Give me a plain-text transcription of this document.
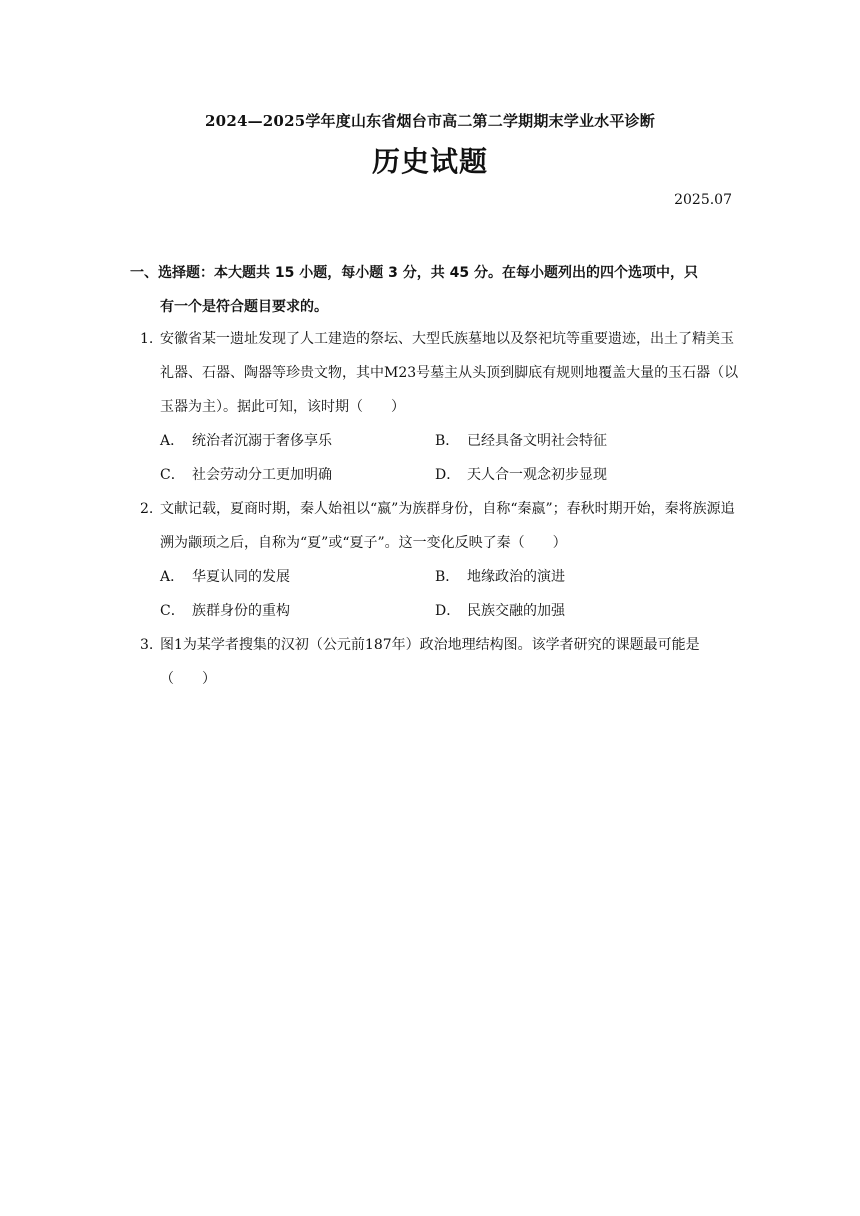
2024—2025学年度山东省烟台市高二第二学期期末学业水平诊断
历史试题
2025.07
一、选择题：本大题共 15 小题，每小题 3 分，共 45 分。在每小题列出的四个选项中，只
有一个是符合题目要求的。
1. 安徽省某一遗址发现了人工建造的祭坛、大型氏族墓地以及祭祀坑等重要遗迹，出土了精美玉礼器、石器、陶器等珍贵文物，其中M23号墓主从头顶到脚底有规则地覆盖大量的玉石器（以玉器为主）。据此可知，该时期（　　）
A． 统治者沉溺于奢侈享乐	B． 已经具备文明社会特征
C． 社会劳动分工更加明确	D． 天人合一观念初步显现
2. 文献记载，夏商时期，秦人始祖以“嬴”为族群身份，自称“秦嬴”；春秋时期开始，秦将族源追溯为颛顼之后，自称为“夏”或“夏子”。这一变化反映了秦（　　）
A． 华夏认同的发展	B． 地缘政治的演进
C． 族群身份的重构	D． 民族交融的加强
3. 图1为某学者搜集的汉初（公元前187年）政治地理结构图。该学者研究的课题最可能是（　　）
